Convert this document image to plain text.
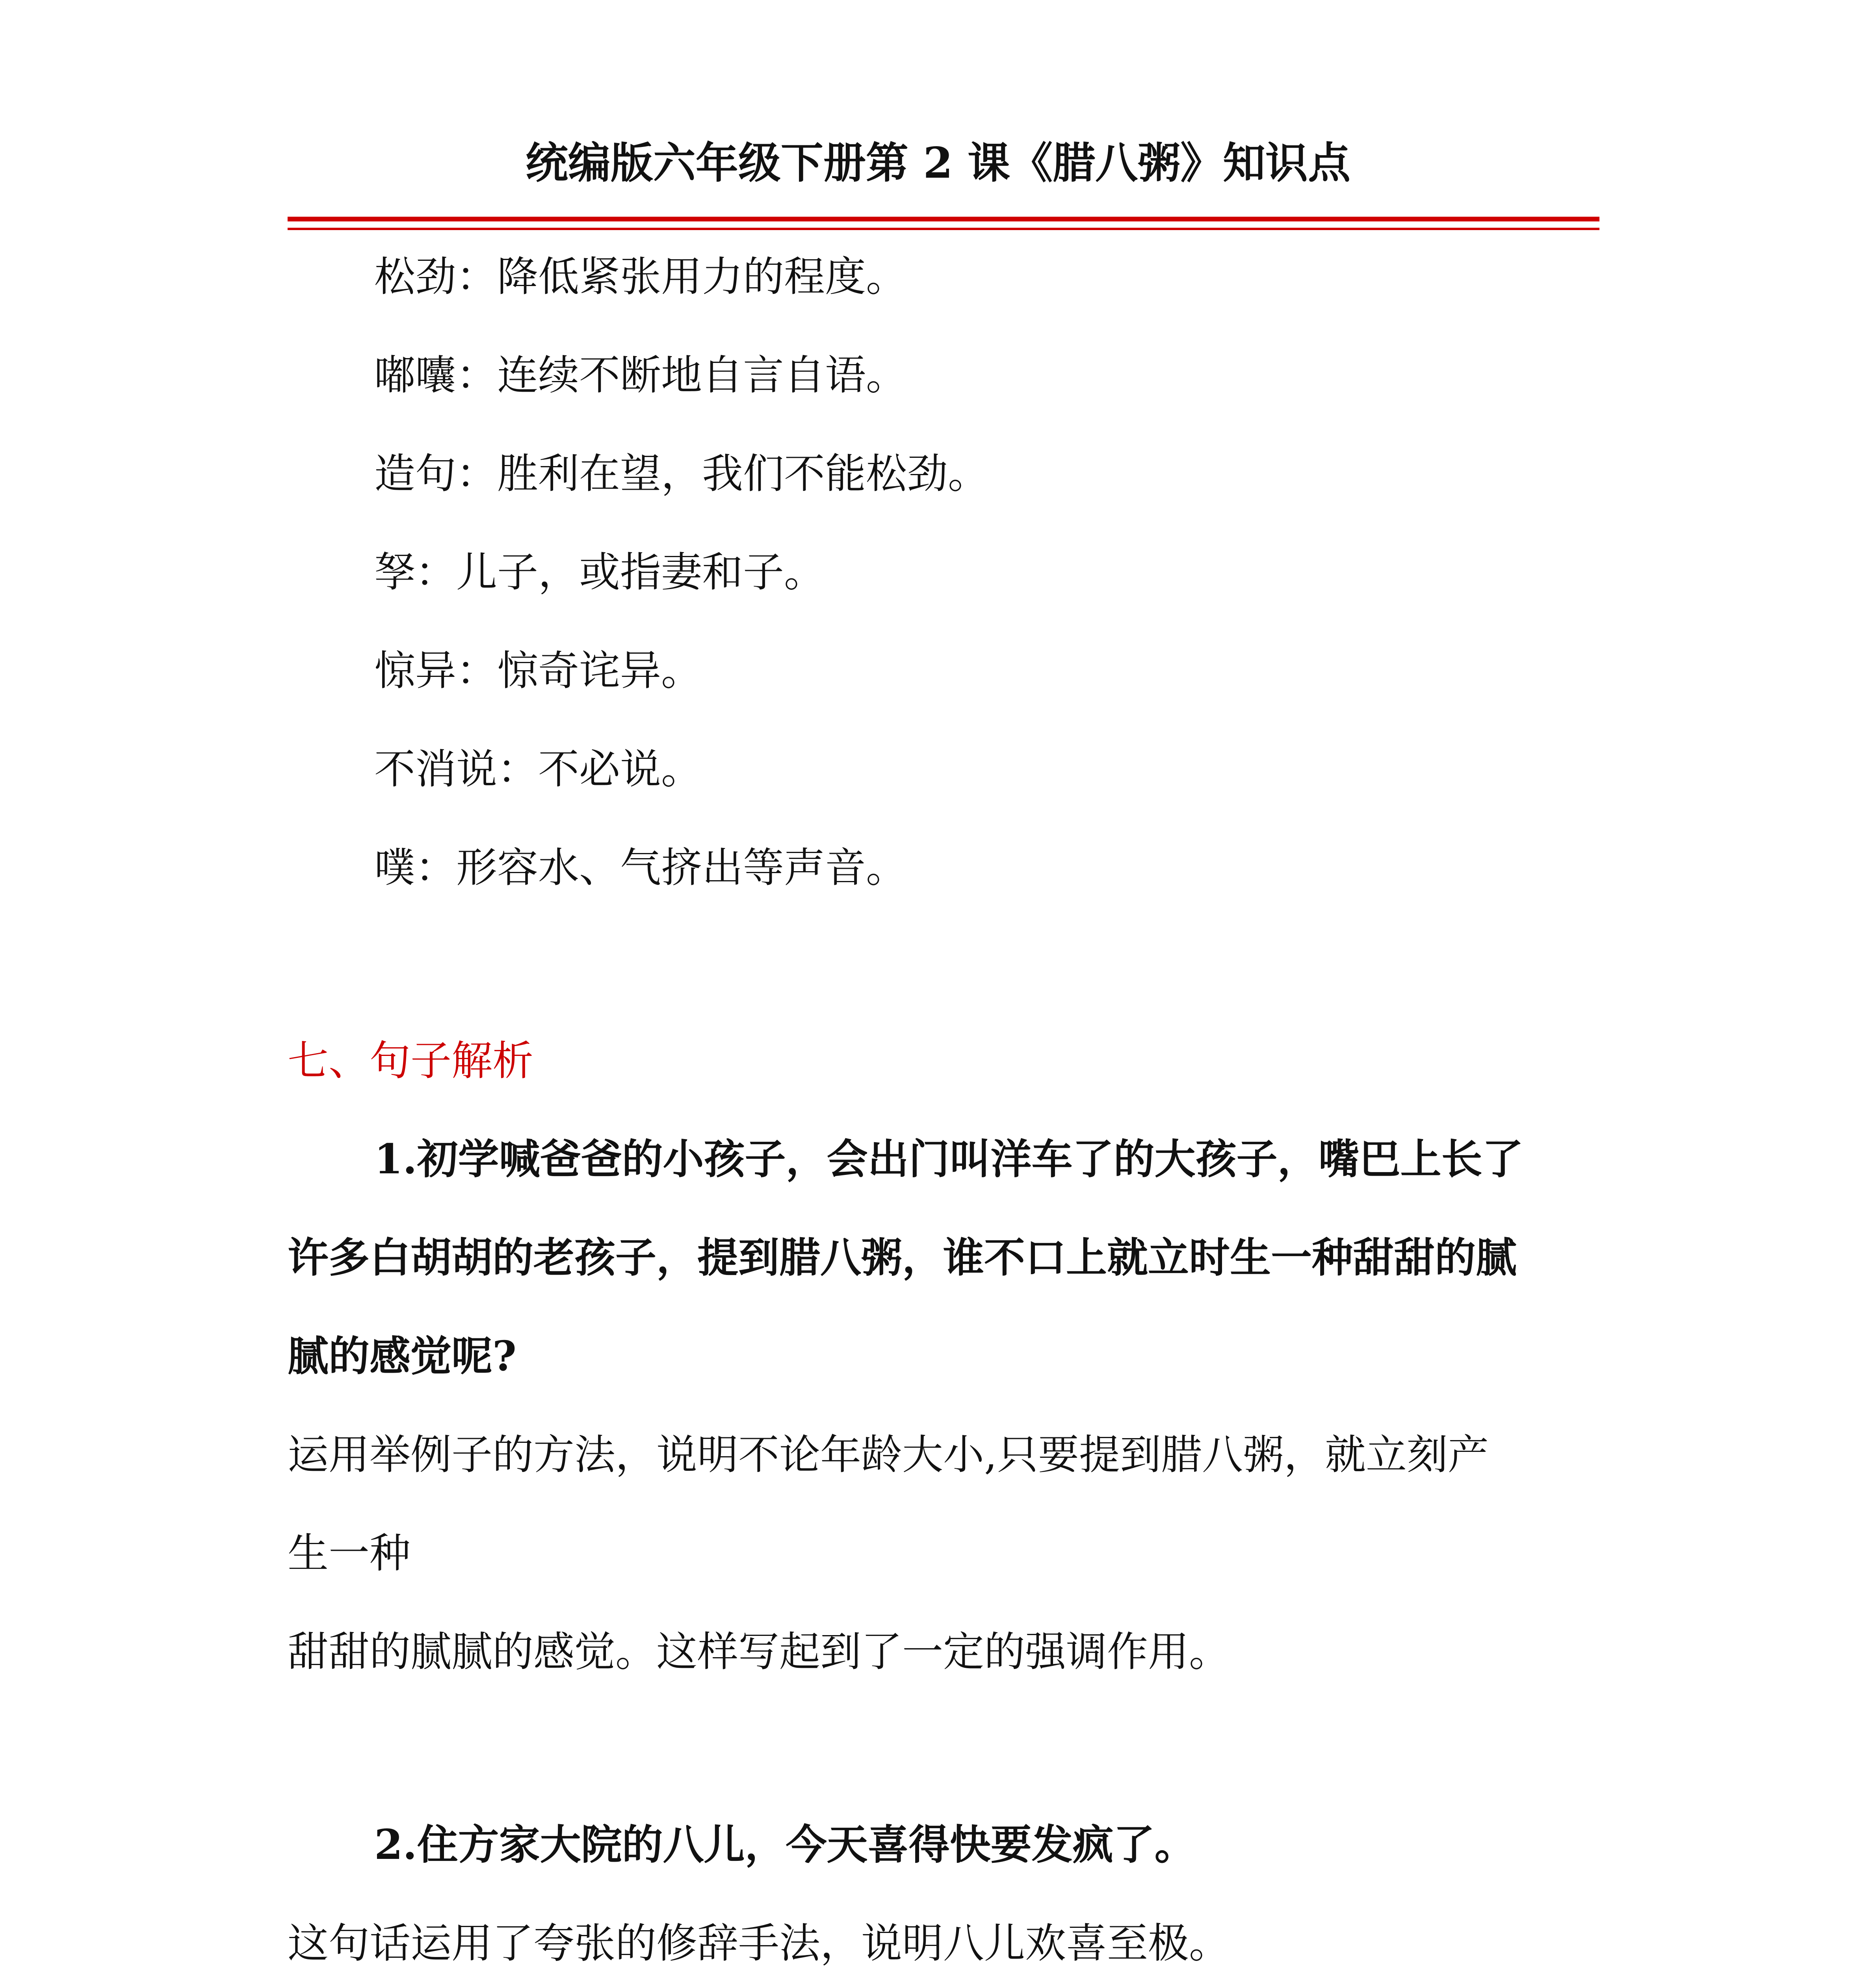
统编版六年级下册第 2 课《腊八粥》知识点

松劲：降低紧张用力的程度。

嘟囔：连续不断地自言自语。

造句：胜利在望，我们不能松劲。

孥：儿子，或指妻和子。

惊异：惊奇诧异。

不消说：不必说。

噗：形容水、气挤出等声音。

七、句子解析

1.初学喊爸爸的小孩子，会出门叫洋车了的大孩子，嘴巴上长了

许多白胡胡的老孩子，提到腊八粥，谁不口上就立时生一种甜甜的腻

腻的感觉呢?

运用举例子的方法，说明不论年龄大小,只要提到腊八粥，就立刻产

生一种

甜甜的腻腻的感觉。这样写起到了一定的强调作用。

2.住方家大院的八儿，今天喜得快要发疯了。

这句话运用了夸张的修辞手法，说明八儿欢喜至极。
